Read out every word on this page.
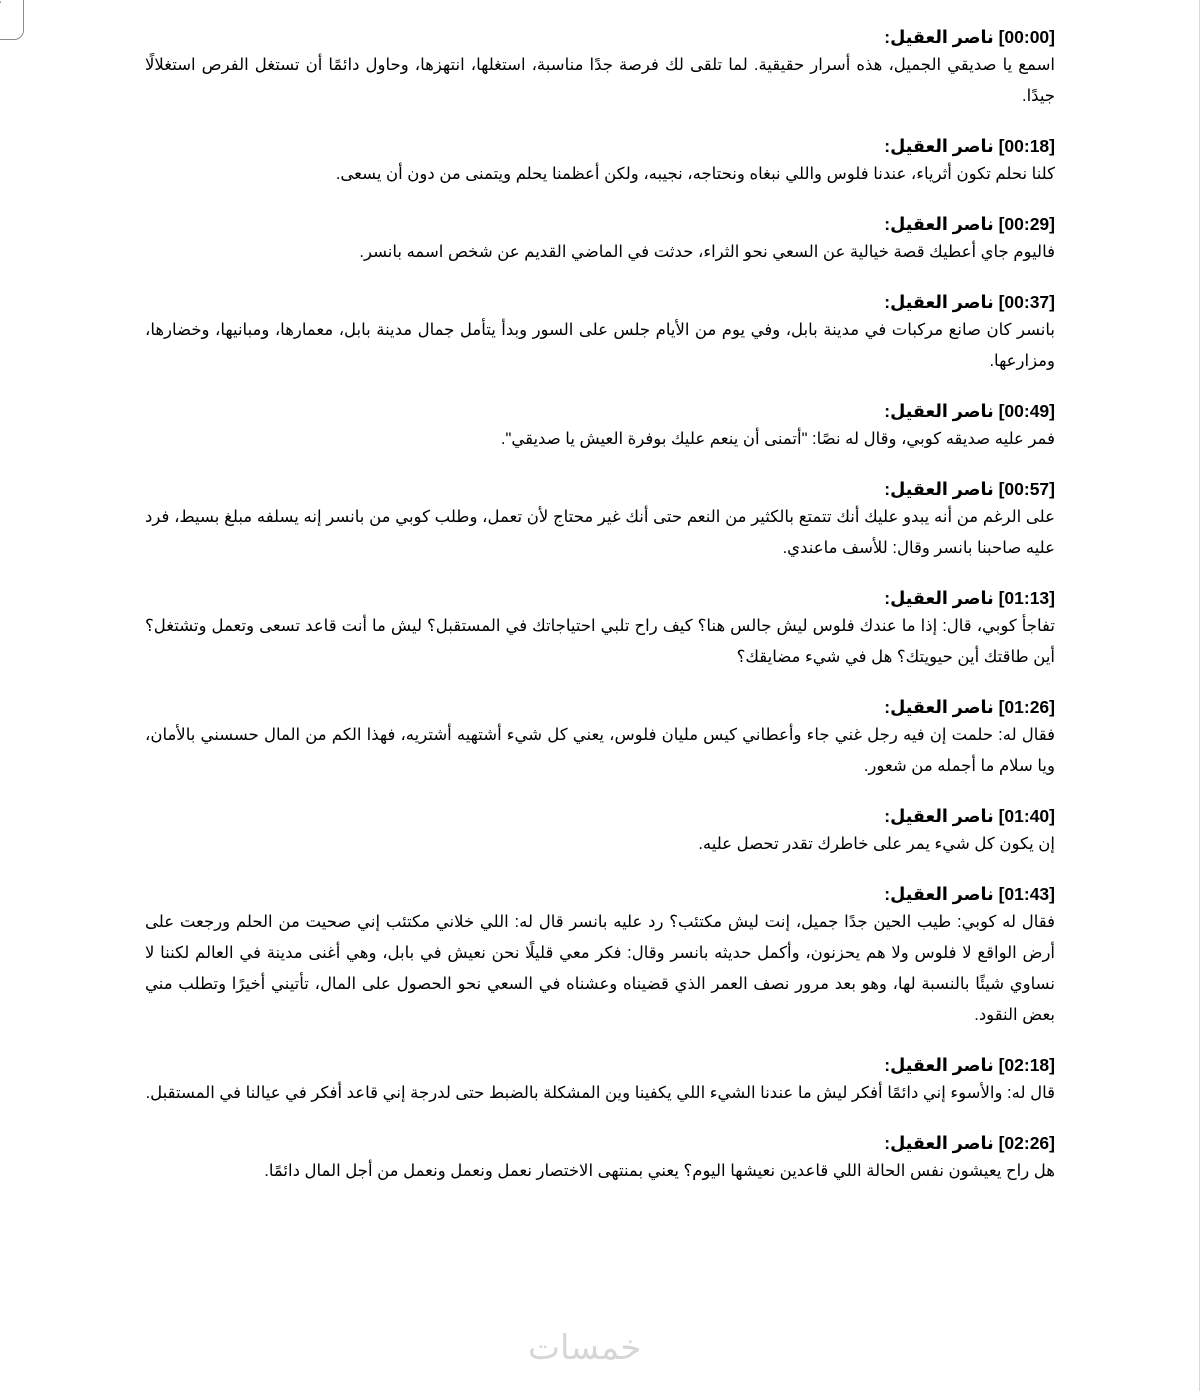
[00:00] ناصر العقيل:
اسمع يا صديقي الجميل، هذه أسرار حقيقية. لما تلقى لك فرصة جدًا مناسبة، استغلها، انتهزها، وحاول دائمًا أن تستغل الفرص استغلالًا جيدًا.
[00:18] ناصر العقيل:
كلنا نحلم تكون أثرياء، عندنا فلوس واللي نبغاه ونحتاجه، نجيبه، ولكن أعظمنا يحلم ويتمنى من دون أن يسعى.
[00:29] ناصر العقيل:
فاليوم جاي أعطيك قصة خيالية عن السعي نحو الثراء، حدثت في الماضي القديم عن شخص اسمه بانسر.
[00:37] ناصر العقيل:
بانسر كان صانع مركبات في مدينة بابل، وفي يوم من الأيام جلس على السور وبدأ يتأمل جمال مدينة بابل، معمارها، ومبانيها، وخضارها، ومزارعها.
[00:49] ناصر العقيل:
فمر عليه صديقه كوبي، وقال له نصًا: "أتمنى أن ينعم عليك بوفرة العيش يا صديقي".
[00:57] ناصر العقيل:
على الرغم من أنه يبدو عليك أنك تتمتع بالكثير من النعم حتى أنك غير محتاج لأن تعمل، وطلب كوبي من بانسر إنه يسلفه مبلغ بسيط، فرد عليه صاحبنا بانسر وقال: للأسف ماعندي.
[01:13] ناصر العقيل:
تفاجأ كوبي، قال: إذا ما عندك فلوس ليش جالس هنا؟ كيف راح تلبي احتياجاتك في المستقبل؟ ليش ما أنت قاعد تسعى وتعمل وتشتغل؟ أين طاقتك أين حيويتك؟ هل في شيء مضايقك؟
[01:26] ناصر العقيل:
فقال له: حلمت إن فيه رجل غني جاء وأعطاني كيس مليان فلوس، يعني كل شيء أشتهيه أشتريه، فهذا الكم من المال حسسني بالأمان، ويا سلام ما أجمله من شعور.
[01:40] ناصر العقيل:
إن يكون كل شيء يمر على خاطرك تقدر تحصل عليه.
[01:43] ناصر العقيل:
فقال له كوبي: طيب الحين جدًا جميل، إنت ليش مكتئب؟ رد عليه بانسر قال له: اللي خلاني مكتئب إني صحيت من الحلم ورجعت على أرض الواقع لا فلوس ولا هم يحزنون، وأكمل حديثه بانسر وقال: فكر معي قليلًا نحن نعيش في بابل، وهي أغنى مدينة في العالم لكننا لا نساوي شيئًا بالنسبة لها، وهو بعد مرور نصف العمر الذي قضيناه وعشناه في السعي نحو الحصول على المال، تأتيني أخيرًا وتطلب مني بعض النقود.
[02:18] ناصر العقيل:
قال له: والأسوء إني دائمًا أفكر ليش ما عندنا الشيء اللي يكفينا وين المشكلة بالضبط حتى لدرجة إني قاعد أفكر في عيالنا في المستقبل.
[02:26] ناصر العقيل:
هل راح يعيشون نفس الحالة اللي قاعدين نعيشها اليوم؟ يعني بمنتهى الاختصار نعمل ونعمل ونعمل من أجل المال دائمًا.
خمسات
